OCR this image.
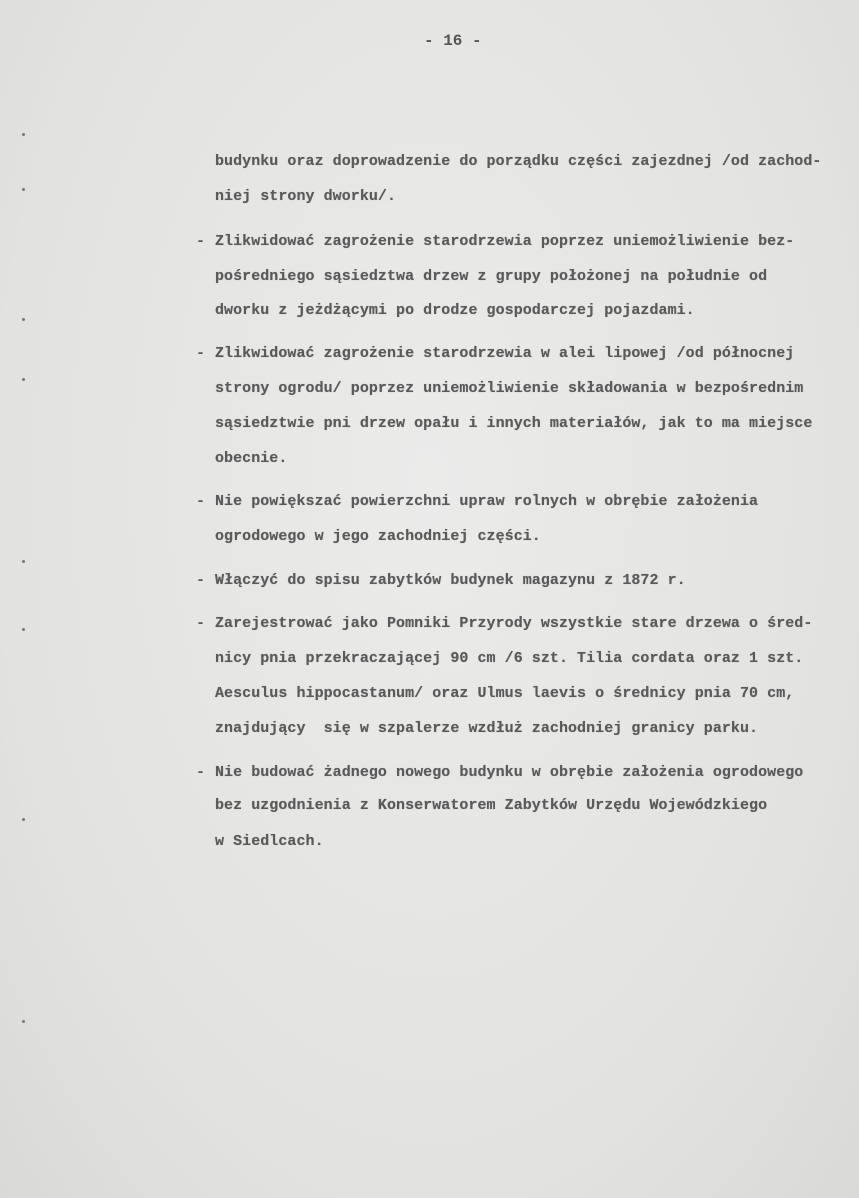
- 16 -
budynku oraz doprowadzenie do porządku części zajezdnej /od zachod-
niej strony dworku/.
- Zlikwidować zagrożenie starodrzewia poprzez uniemożliwienie bez-
pośredniego sąsiedztwa drzew z grupy położonej na południe od
dworku z jeżdżącymi po drodze gospodarczej pojazdami.
- Zlikwidować zagrożenie starodrzewia w alei lipowej /od północnej
strony ogrodu/ poprzez uniemożliwienie składowania w bezpośrednim
sąsiedztwie pni drzew opału i innych materiałów, jak to ma miejsce
obecnie.
- Nie powiększać powierzchni upraw rolnych w obrębie założenia
ogrodowego w jego zachodniej części.
- Włączyć do spisu zabytków budynek magazynu z 1872 r.
- Zarejestrować jako Pomniki Przyrody wszystkie stare drzewa o śred-
nicy pnia przekraczającej 90 cm /6 szt. Tilia cordata oraz 1 szt.
Aesculus hippocastanum/ oraz Ulmus laevis o średnicy pnia 70 cm,
znajdujący  się w szpalerze wzdłuż zachodniej granicy parku.
- Nie budować żadnego nowego budynku w obrębie założenia ogrodowego
bez uzgodnienia z Konserwatorem Zabytków Urzędu Wojewódzkiego
w Siedlcach.
